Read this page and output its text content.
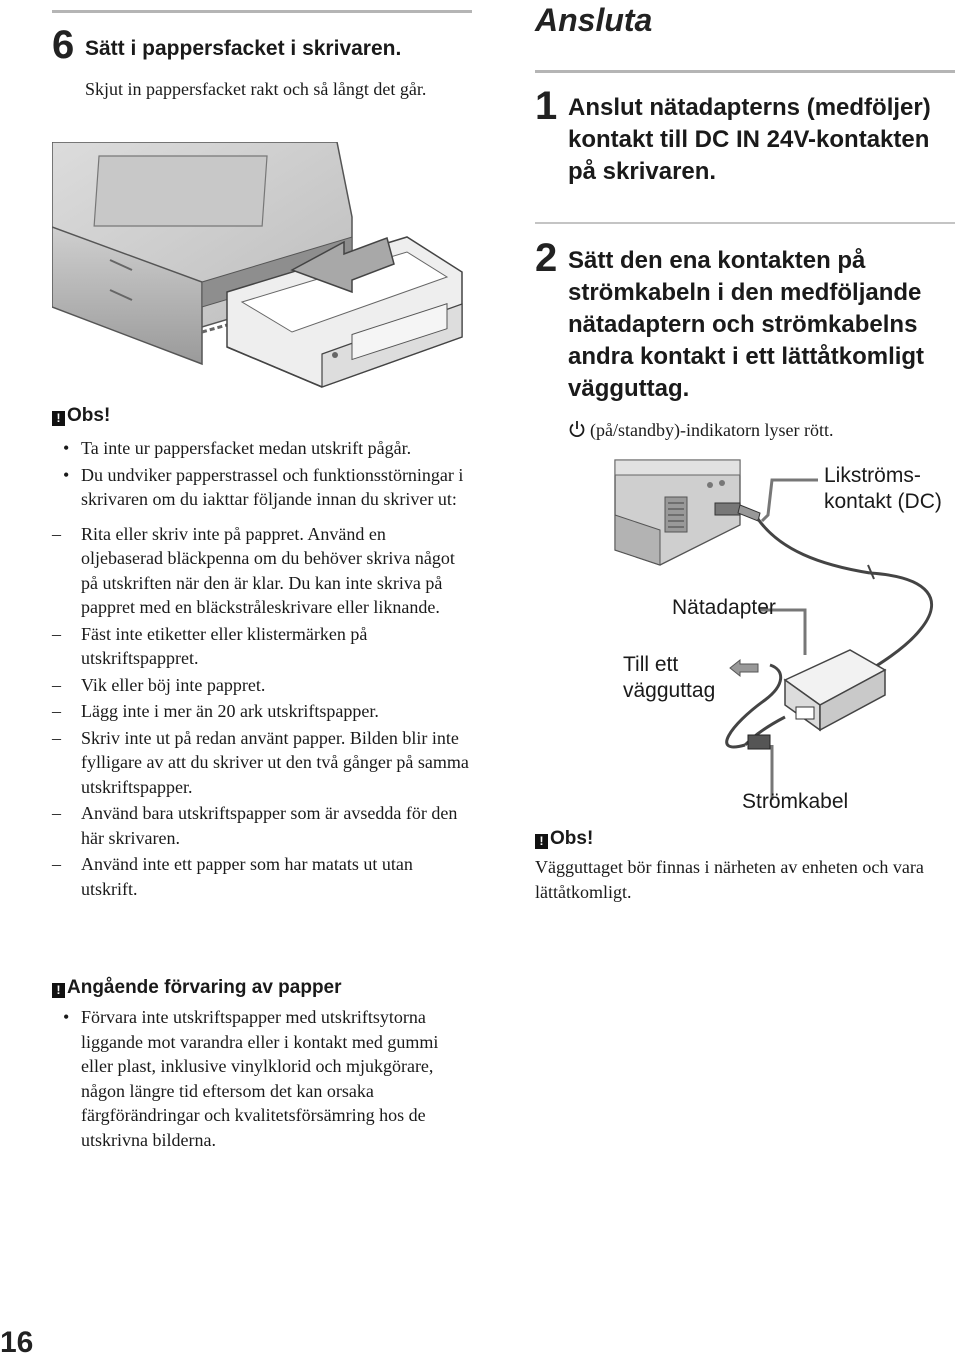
6 Sätt i pappersfacket i skrivaren.
Skjut in pappersfacket rakt och så långt det går.
! Obs!
• Ta inte ur pappersfacket medan utskrift pågår.
• Du undviker papperstrassel och funktionsstörningar i skrivaren om du iakttar följande innan du skriver ut:
– Rita eller skriv inte på pappret. Använd en oljebaserad bläckpenna om du behöver skriva något på utskriften när den är klar. Du kan inte skriva på pappret med en bläckstråleskrivare eller liknande.
– Fäst inte etiketter eller klistermärken på utskriftspappret.
– Vik eller böj inte pappret.
– Lägg inte i mer än 20 ark utskriftspapper.
– Skriv inte ut på redan använt papper. Bilden blir inte fylligare av att du skriver ut den två gånger på samma utskriftspapper.
– Använd bara utskriftspapper som är avsedda för den här skrivaren.
– Använd inte ett papper som har matats ut utan utskrift.
! Angående förvaring av papper
• Förvara inte utskriftspapper med utskriftsytorna liggande mot varandra eller i kontakt med gummi eller plast, inklusive vinylklorid och mjukgörare, någon längre tid eftersom det kan orsaka färgförändringar och kvalitetsförsämring hos de utskrivna bilderna.
Ansluta
1 Anslut nätadapterns (medföljer) kontakt till DC IN 24V-kontakten på skrivaren.
2 Sätt den ena kontakten på strömkabeln i den medföljande nätadaptern och strömkabelns andra kontakt i ett lättåtkomligt vägguttag.
(på/standby)-indikatorn lyser rött.
Likströms-
kontakt (DC)
Nätadapter
Till ett
vägguttag
Strömkabel
! Obs!
Vägguttaget bör finnas i närheten av enheten och vara lättåtkomligt.
16
